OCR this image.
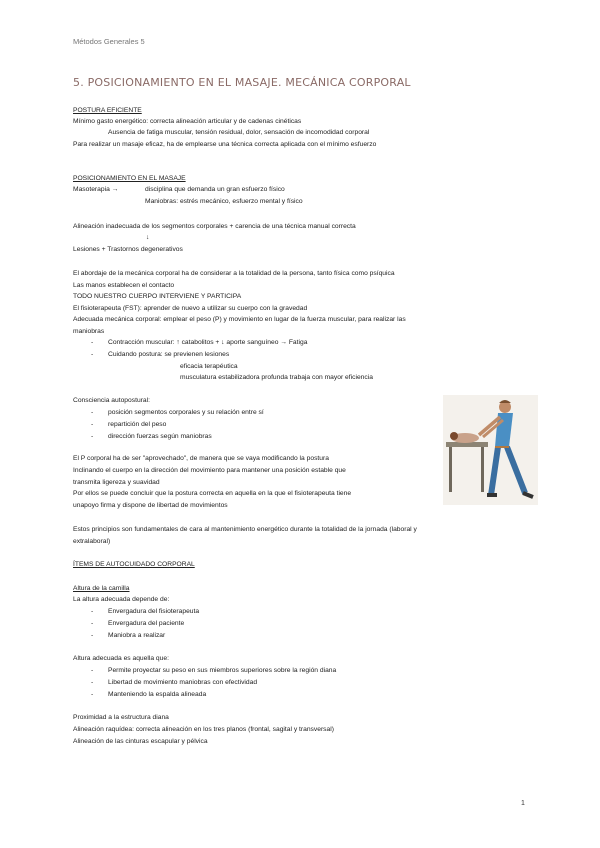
Métodos Generales 5
5. POSICIONAMIENTO EN EL MASAJE. MECÁNICA CORPORAL
POSTURA EFICIENTE
Mínimo gasto energético: correcta alineación articular y de cadenas cinéticas
Ausencia de fatiga muscular, tensión residual, dolor, sensación de incomodidad corporal
Para realizar un masaje eficaz, ha de emplearse una técnica correcta aplicada con el mínimo esfuerzo
POSICIONAMIENTO EN EL MASAJE
Masoterapia →	disciplina que demanda un gran esfuerzo físico
Maniobras: estrés mecánico, esfuerzo mental y físico
Alineación inadecuada de los segmentos corporales + carencia de una técnica manual correcta
↓
Lesiones + Trastornos degenerativos
El abordaje de la mecánica corporal ha de considerar a la totalidad de la persona, tanto física como psíquica
Las manos establecen el contacto
TODO NUESTRO CUERPO INTERVIENE Y PARTICIPA
El fisioterapeuta (FST): aprender de nuevo a utilizar su cuerpo con la gravedad
Adecuada mecánica corporal: emplear el peso (P) y movimiento en lugar de la fuerza muscular, para realizar las
maniobras
- Contracción muscular: ↑ catabolitos + ↓ aporte sanguíneo → Fatiga
- Cuidando postura: se previenen lesiones
eficacia terapéutica
musculatura estabilizadora profunda trabaja con mayor eficiencia
Consciencia autopostural:
- posición segmentos corporales y su relación entre sí
- repartición del peso
- dirección fuerzas según maniobras
El P corporal ha de ser "aprovechado", de manera que se vaya modificando la postura
Inclinando el cuerpo en la dirección del movimiento para mantener una posición estable que
transmita ligereza y suavidad
Por ellos se puede concluir que la postura correcta en aquella en la que el fisioterapeuta tiene
unapoyo firma y dispone de libertad de movimientos
Estos principios son fundamentales de cara al mantenimiento energético durante la totalidad de la jornada (laboral y
extralaboral)
ÍTEMS DE AUTOCUIDADO CORPORAL
Altura de la camilla
La altura adecuada depende de:
- Envergadura del fisioterapeuta
- Envergadura del paciente
- Maniobra a realizar
Altura adecuada es aquella que:
- Permite proyectar su peso en sus miembros superiores sobre la región diana
- Libertad de movimiento maniobras con efectividad
- Manteniendo la espalda alineada
Proximidad a la estructura diana
Alineación raquídea: correcta alineación en los tres planos (frontal, sagital y transversal)
Alineación de las cinturas escapular y pélvica
1
